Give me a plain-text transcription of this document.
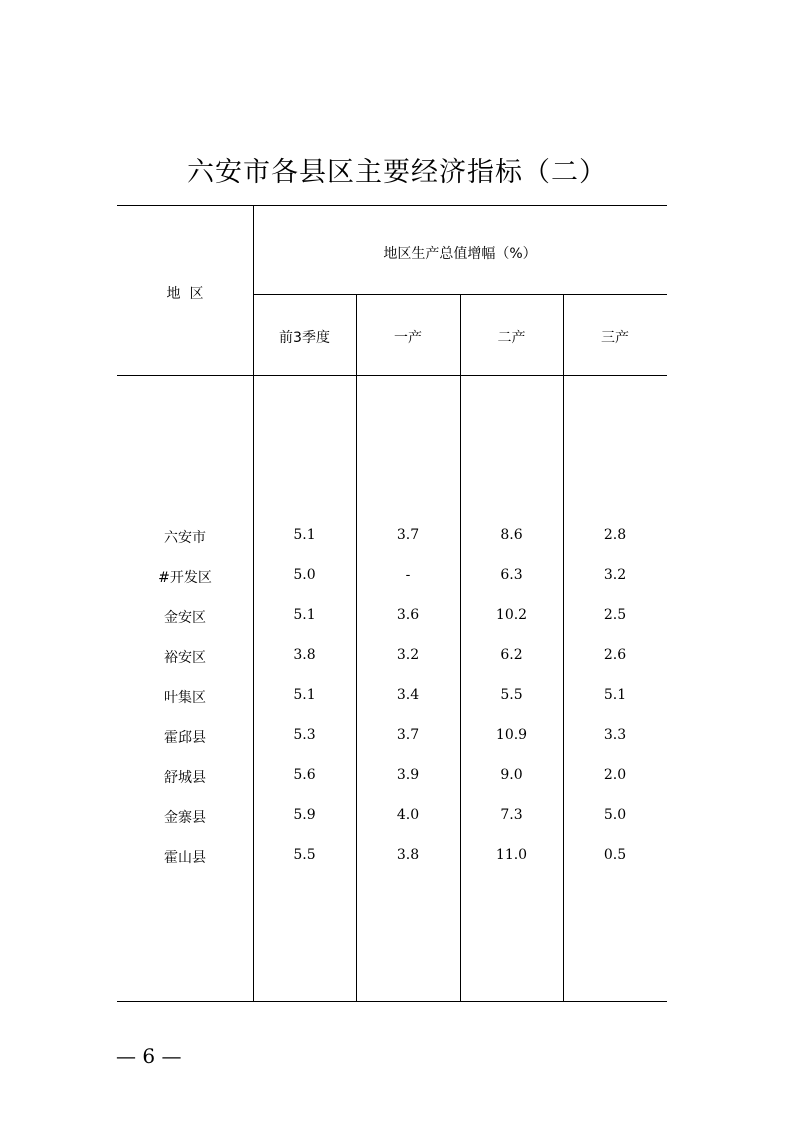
六安市各县区主要经济指标（二）
地  区
地区生产总值增幅（%）
前3季度	一产	二产	三产
六安市	5.1	3.7	8.6	2.8
#开发区	5.0	-	6.3	3.2
金安区	5.1	3.6	10.2	2.5
裕安区	3.8	3.2	6.2	2.6
叶集区	5.1	3.4	5.5	5.1
霍邱县	5.3	3.7	10.9	3.3
舒城县	5.6	3.9	9.0	2.0
金寨县	5.9	4.0	7.3	5.0
霍山县	5.5	3.8	11.0	0.5
— 6 —
